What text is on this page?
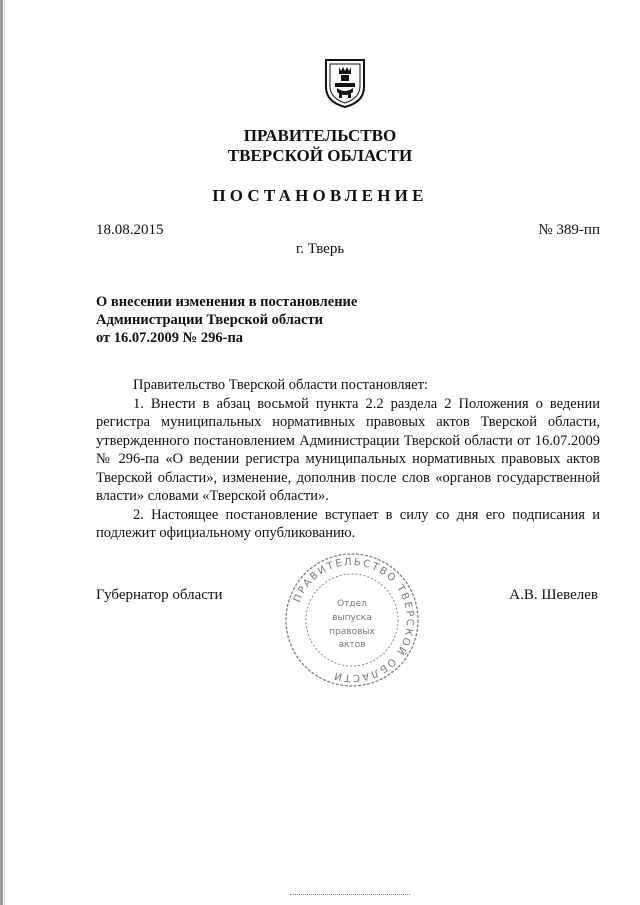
ПРАВИТЕЛЬСТВО
ТВЕРСКОЙ ОБЛАСТИ
ПОСТАНОВЛЕНИЕ
18.08.2015	№ 389-пп
г. Тверь
О внесении изменения в постановление
Администрации Тверской области
от 16.07.2009 № 296-па

Правительство Тверской области постановляет:

1. Внести в абзац восьмой пункта 2.2 раздела 2 Положения о ведении регистра муниципальных нормативных правовых актов Тверской области, утвержденного постановлением Администрации Тверской области от 16.07.2009 № 296-па «О ведении регистра муниципальных нормативных правовых актов Тверской области», изменение, дополнив после слов «органов государственной власти» словами «Тверской области».

2. Настоящее постановление вступает в силу со дня его подписания и подлежит официальному опубликованию.

Губернатор области	А.В. Шевелев
ПРАВИТЕЛЬСТВО ТВЕРСКОЙ ОБЛАСТИ
Отдел
выпуска
правовых
актов
